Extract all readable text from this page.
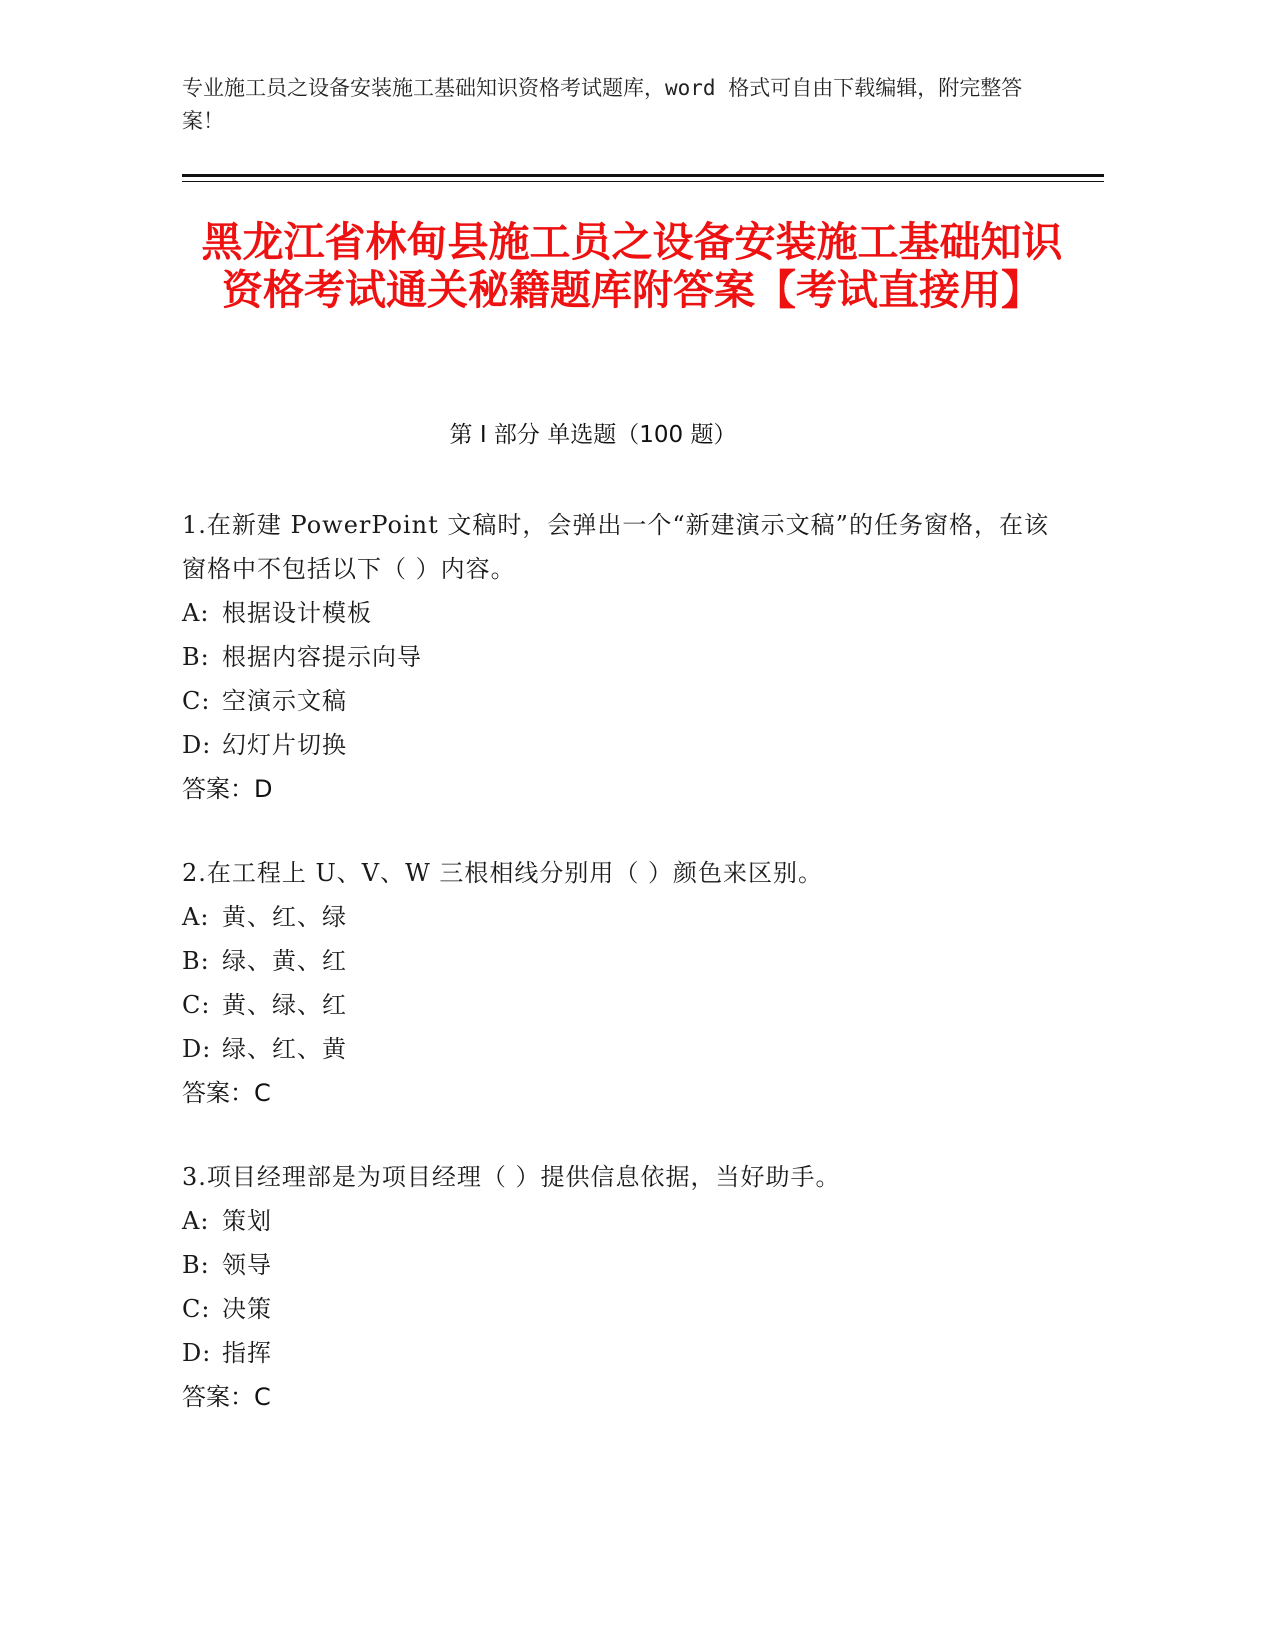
专业施工员之设备安装施工基础知识资格考试题库，word 格式可自由下载编辑，附完整答案！
黑龙江省林甸县施工员之设备安装施工基础知识资格考试通关秘籍题库附答案【考试直接用】
第 I 部分 单选题（100 题）
1.在新建 PowerPoint 文稿时，会弹出一个“新建演示文稿”的任务窗格，在该窗格中不包括以下（ ）内容。
A: 根据设计模板
B: 根据内容提示向导
C: 空演示文稿
D: 幻灯片切换
答案：D
2.在工程上 U、V、W 三根相线分别用（ ）颜色来区别。
A: 黄、红、绿
B: 绿、黄、红
C: 黄、绿、红
D: 绿、红、黄
答案：C
3.项目经理部是为项目经理（ ）提供信息依据，当好助手。
A: 策划
B: 领导
C: 决策
D: 指挥
答案：C
